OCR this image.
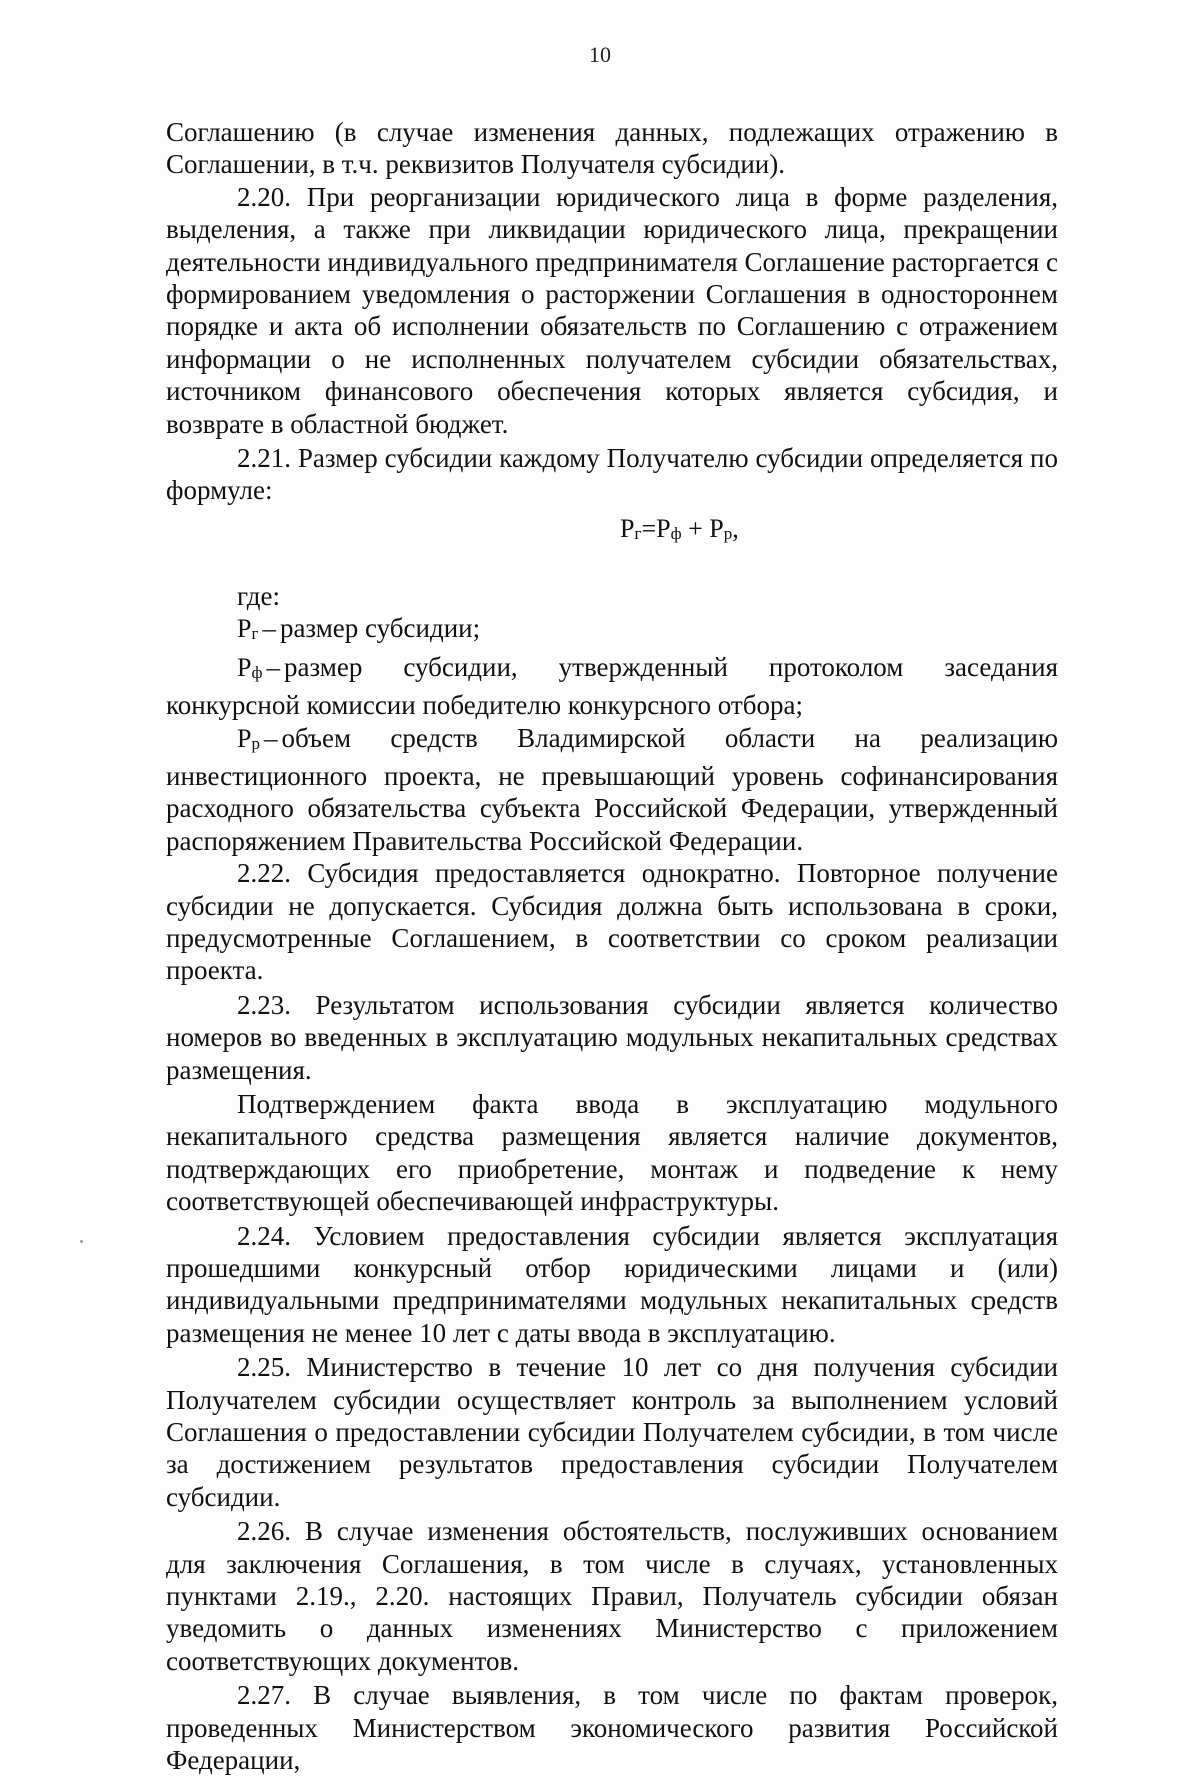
10

Соглашению (в случае изменения данных, подлежащих отражению в Соглашении, в т.ч. реквизитов Получателя субсидии).

2.20. При реорганизации юридического лица в форме разделения, выделения, а также при ликвидации юридического лица, прекращении деятельности индивидуального предпринимателя Соглашение расторгается с формированием уведомления о расторжении Соглашения в одностороннем порядке и акта об исполнении обязательств по Соглашению с отражением информации о не исполненных получателем субсидии обязательствах, источником финансового обеспечения которых является субсидия, и возврате в областной бюджет.

2.21. Размер субсидии каждому Получателю субсидии определяется по формуле:

$Р_г=Р_ф + Р_р$,

где:

$Р_г$ – размер субсидии;

$Р_ф$ – размер субсидии, утвержденный протоколом заседания конкурсной комиссии победителю конкурсного отбора;

$Р_р$ – объем средств Владимирской области на реализацию инвестиционного проекта, не превышающий уровень софинансирования расходного обязательства субъекта Российской Федерации, утвержденный распоряжением Правительства Российской Федерации.

2.22. Субсидия предоставляется однократно. Повторное получение субсидии не допускается. Субсидия должна быть использована в сроки, предусмотренные Соглашением, в соответствии со сроком реализации проекта.

2.23. Результатом использования субсидии является количество номеров во введенных в эксплуатацию модульных некапитальных средствах размещения.

Подтверждением факта ввода в эксплуатацию модульного некапитального средства размещения является наличие документов, подтверждающих его приобретение, монтаж и подведение к нему соответствующей обеспечивающей инфраструктуры.

2.24. Условием предоставления субсидии является эксплуатация прошедшими конкурсный отбор юридическими лицами и (или) индивидуальными предпринимателями модульных некапитальных средств размещения не менее 10 лет с даты ввода в эксплуатацию.

2.25. Министерство в течение 10 лет со дня получения субсидии Получателем субсидии осуществляет контроль за выполнением условий Соглашения о предоставлении субсидии Получателем субсидии, в том числе за достижением результатов предоставления субсидии Получателем субсидии.

2.26. В случае изменения обстоятельств, послуживших основанием для заключения Соглашения, в том числе в случаях, установленных пунктами 2.19., 2.20. настоящих Правил, Получатель субсидии обязан уведомить о данных изменениях Министерство с приложением соответствующих документов.

2.27. В случае выявления, в том числе по фактам проверок, проведенных Министерством экономического развития Российской Федерации,
